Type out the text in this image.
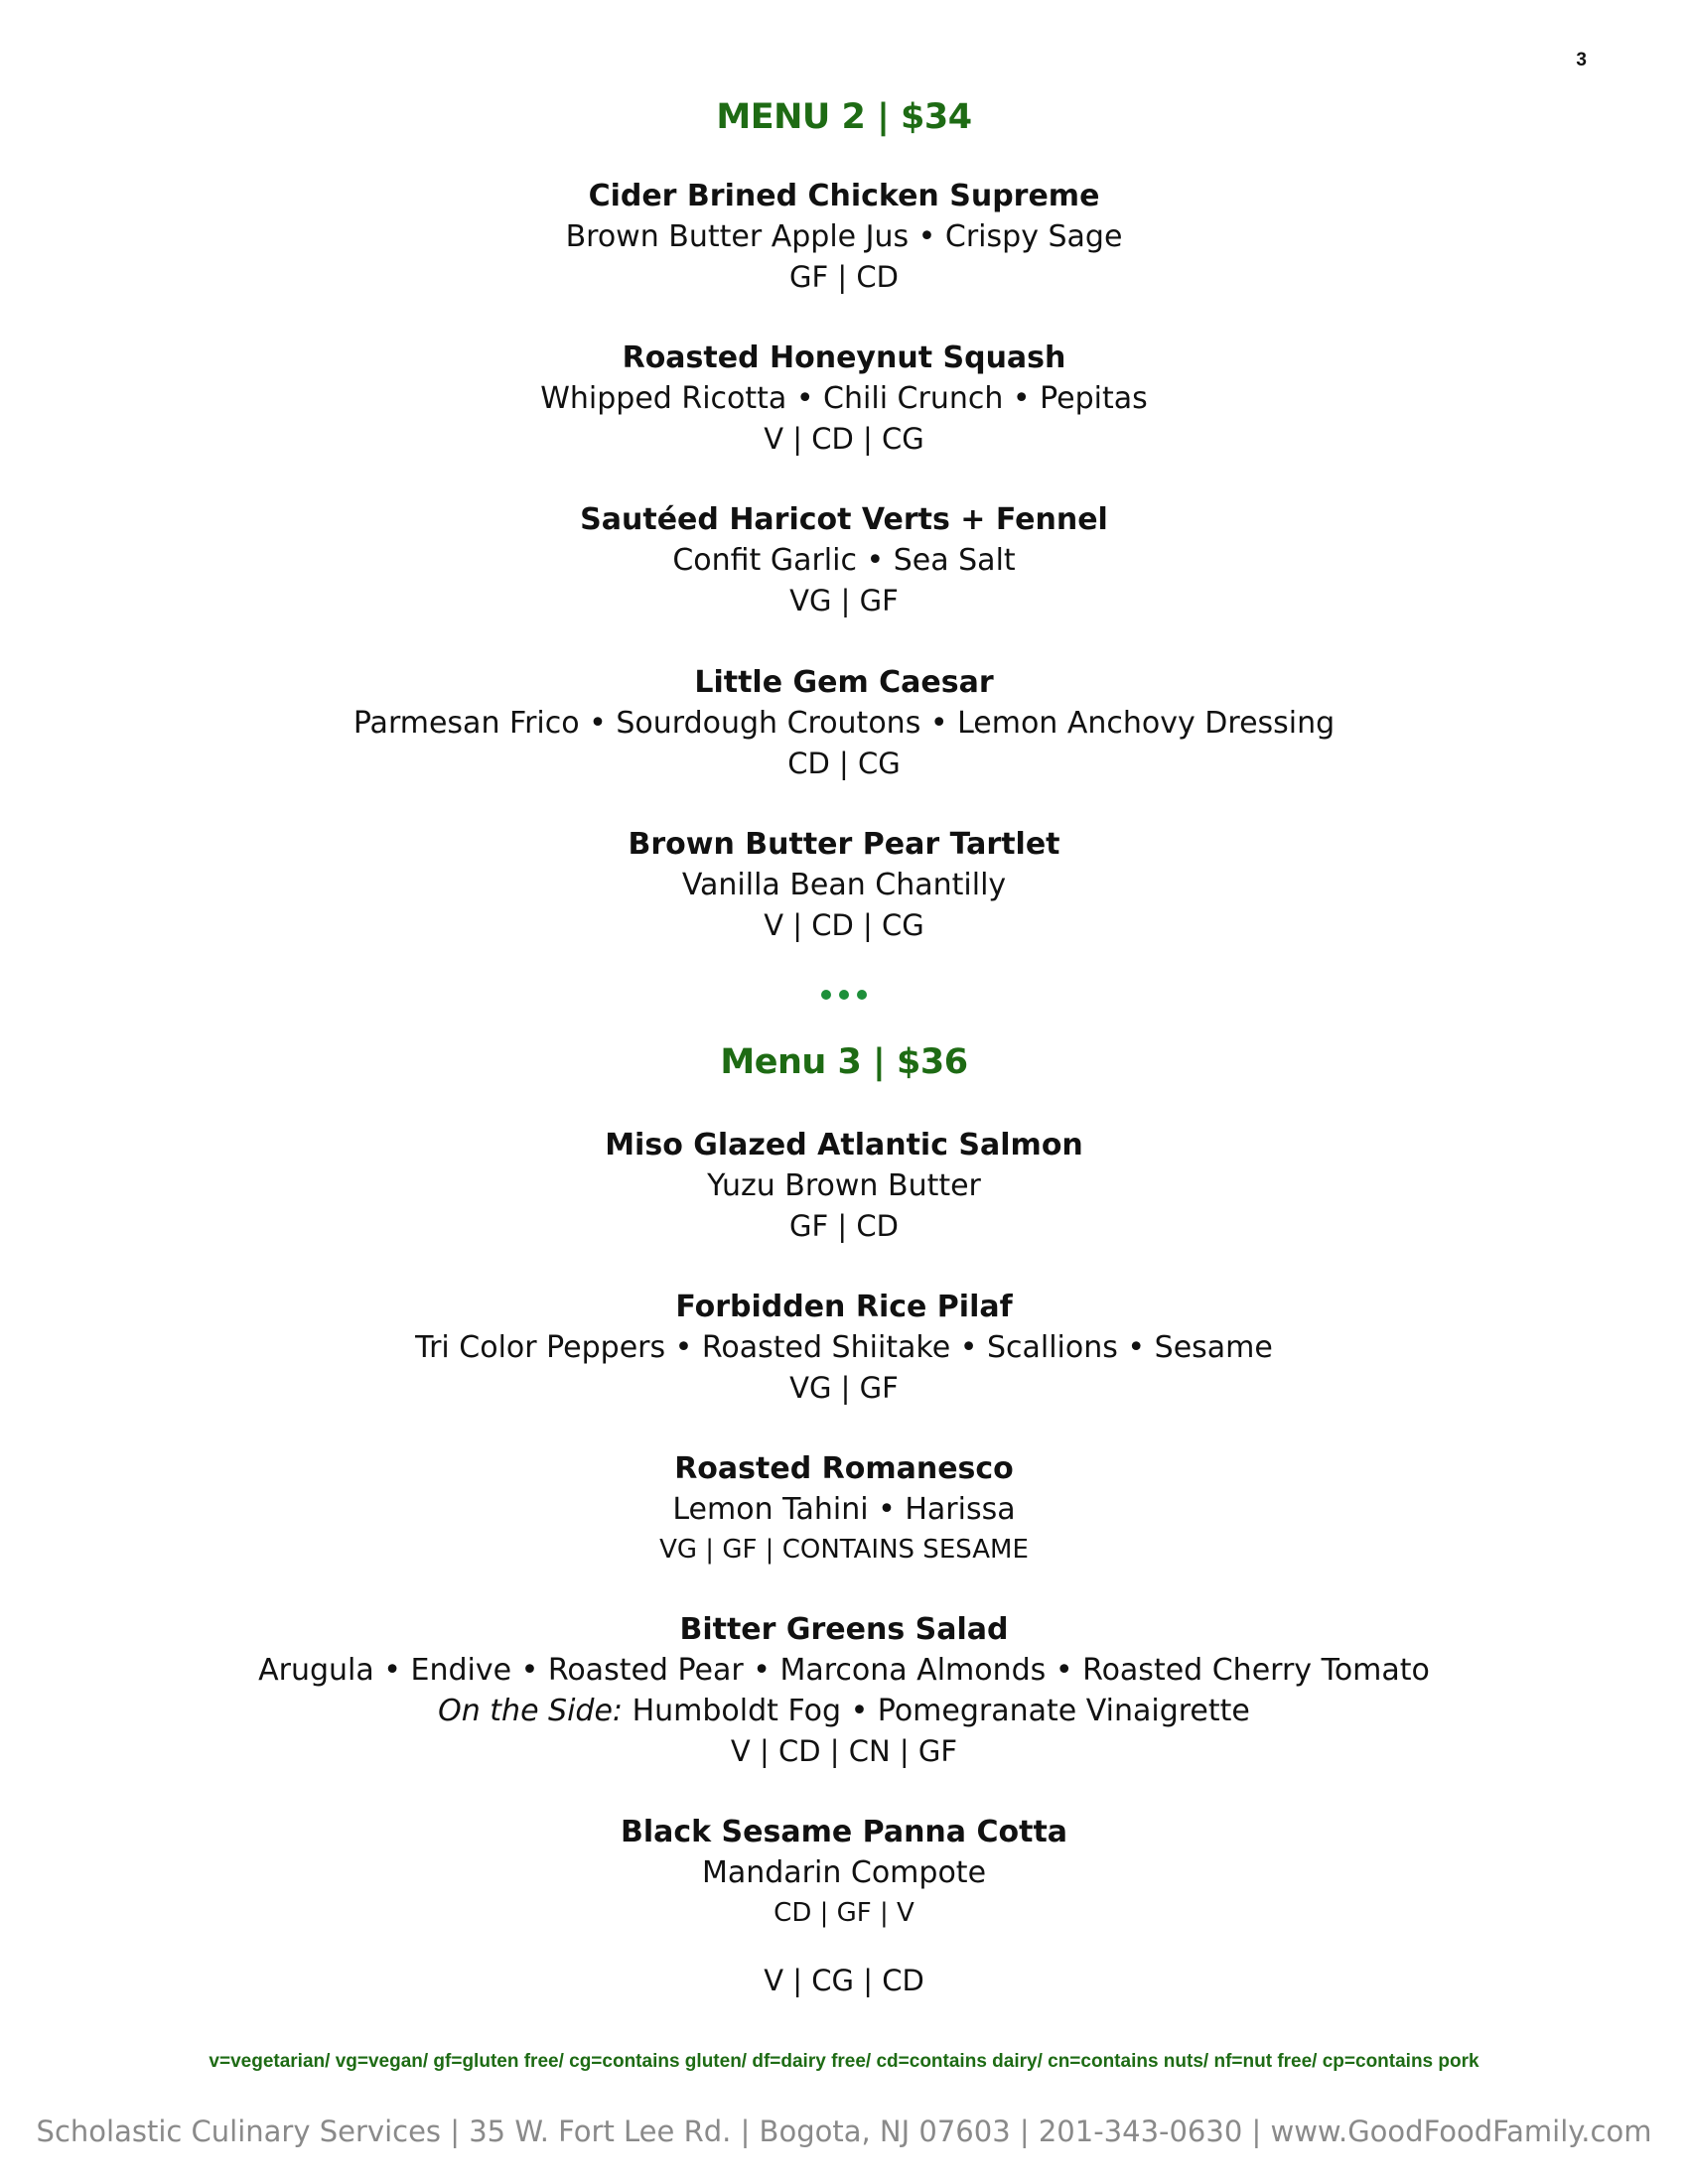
3
MENU 2 | $34
Cider Brined Chicken Supreme
Brown Butter Apple Jus • Crispy Sage
GF | CD
Roasted Honeynut Squash
Whipped Ricotta • Chili Crunch • Pepitas
V | CD | CG
Sautéed Haricot Verts + Fennel
Confit Garlic • Sea Salt
VG | GF
Little Gem Caesar
Parmesan Frico • Sourdough Croutons • Lemon Anchovy Dressing
CD | CG
Brown Butter Pear Tartlet
Vanilla Bean Chantilly
V | CD | CG

Menu 3 | $36
Miso Glazed Atlantic Salmon
Yuzu Brown Butter
GF | CD
Forbidden Rice Pilaf
Tri Color Peppers • Roasted Shiitake • Scallions • Sesame
VG | GF
Roasted Romanesco
Lemon Tahini • Harissa
VG | GF | CONTAINS SESAME
Bitter Greens Salad
Arugula • Endive • Roasted Pear • Marcona Almonds • Roasted Cherry Tomato
On the Side: Humboldt Fog • Pomegranate Vinaigrette
V | CD | CN | GF
Black Sesame Panna Cotta
Mandarin Compote
CD | GF | V
V | CG | CD
v=vegetarian/ vg=vegan/ gf=gluten free/ cg=contains gluten/ df=dairy free/ cd=contains dairy/ cn=contains nuts/ nf=nut free/ cp=contains pork
Scholastic Culinary Services | 35 W. Fort Lee Rd. | Bogota, NJ 07603 | 201-343-0630 | www.GoodFoodFamily.com
